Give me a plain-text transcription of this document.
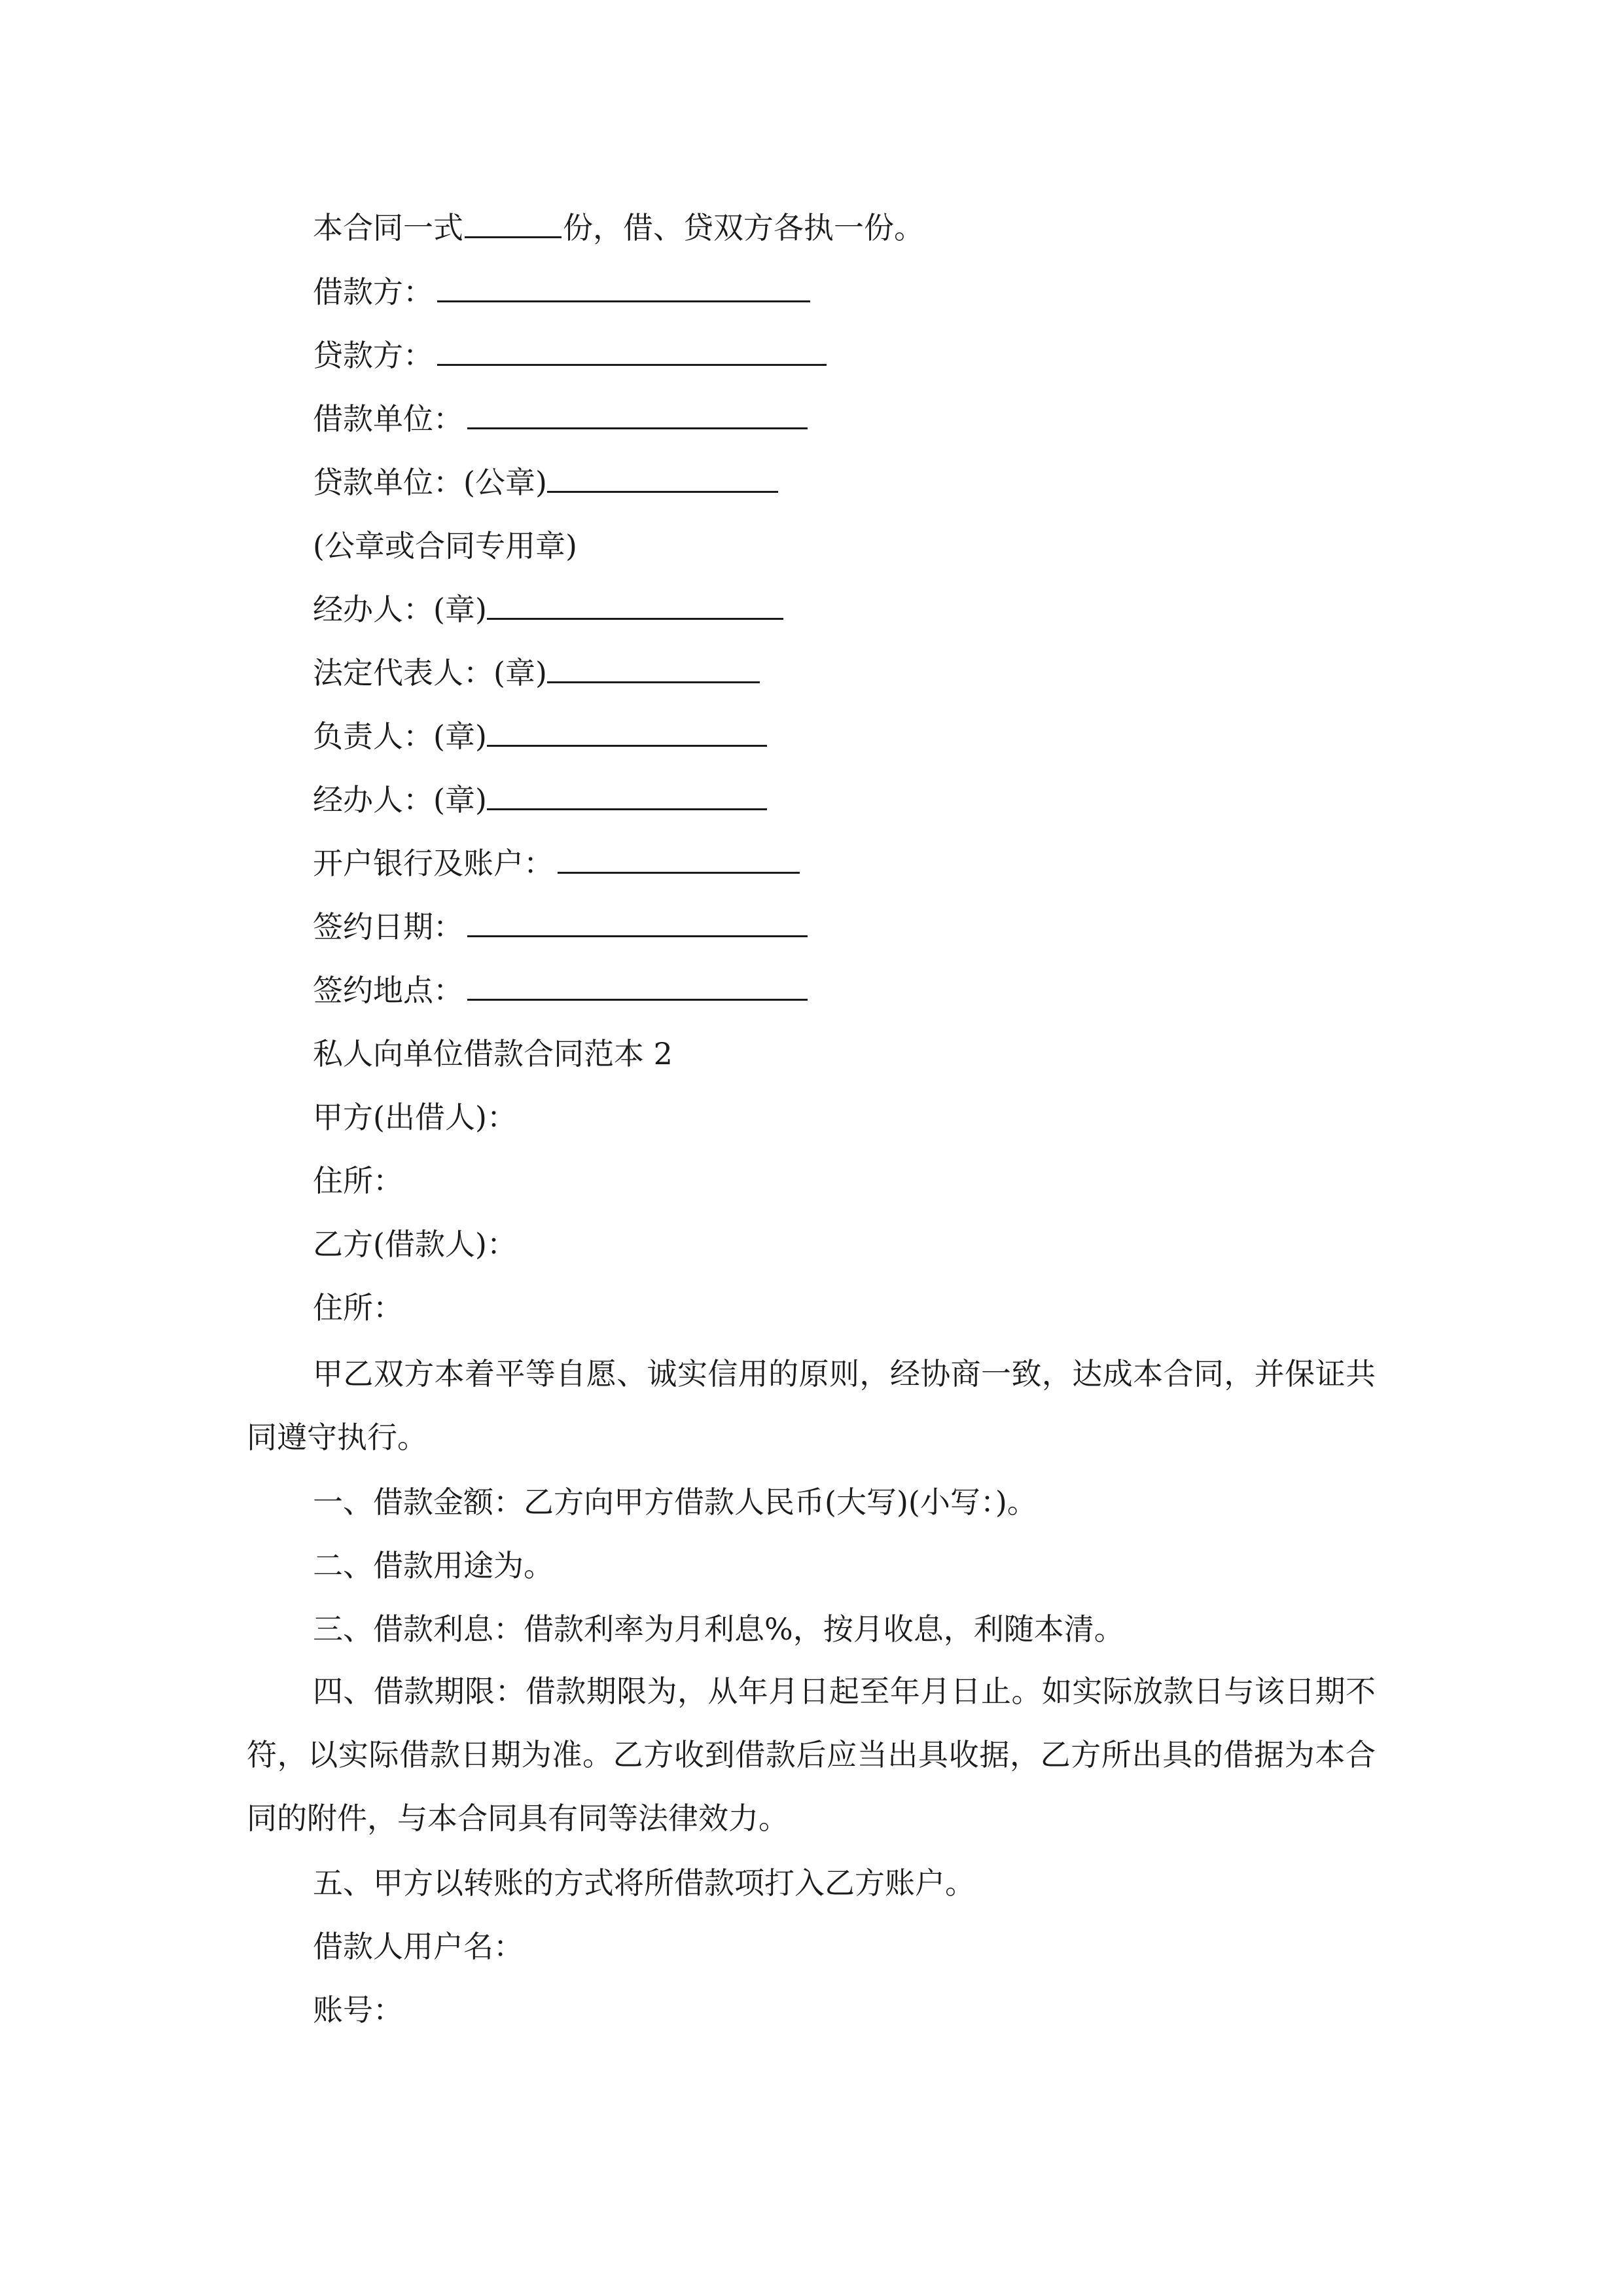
本合同一式	份，借、贷双方各执一份。
借款方：
贷款方：
借款单位：
贷款单位：(公章)
(公章或合同专用章)
经办人：(章)
法定代表人：(章)
负责人：(章)
经办人：(章)
开户银行及账户：
签约日期：
签约地点：
私人向单位借款合同范本 2
甲方(出借人)：
住所：
乙方(借款人)：
住所：
甲乙双方本着平等自愿、诚实信用的原则，经协商一致，达成本合同，并保证共同遵守执行。
一、借款金额：乙方向甲方借款人民币(大写)(小写：)。
二、借款用途为。
三、借款利息：借款利率为月利息%，按月收息，利随本清。
四、借款期限：借款期限为，从年月日起至年月日止。如实际放款日与该日期不符，以实际借款日期为准。乙方收到借款后应当出具收据，乙方所出具的借据为本合同的附件，与本合同具有同等法律效力。
五、甲方以转账的方式将所借款项打入乙方账户。
借款人用户名：
账号：
